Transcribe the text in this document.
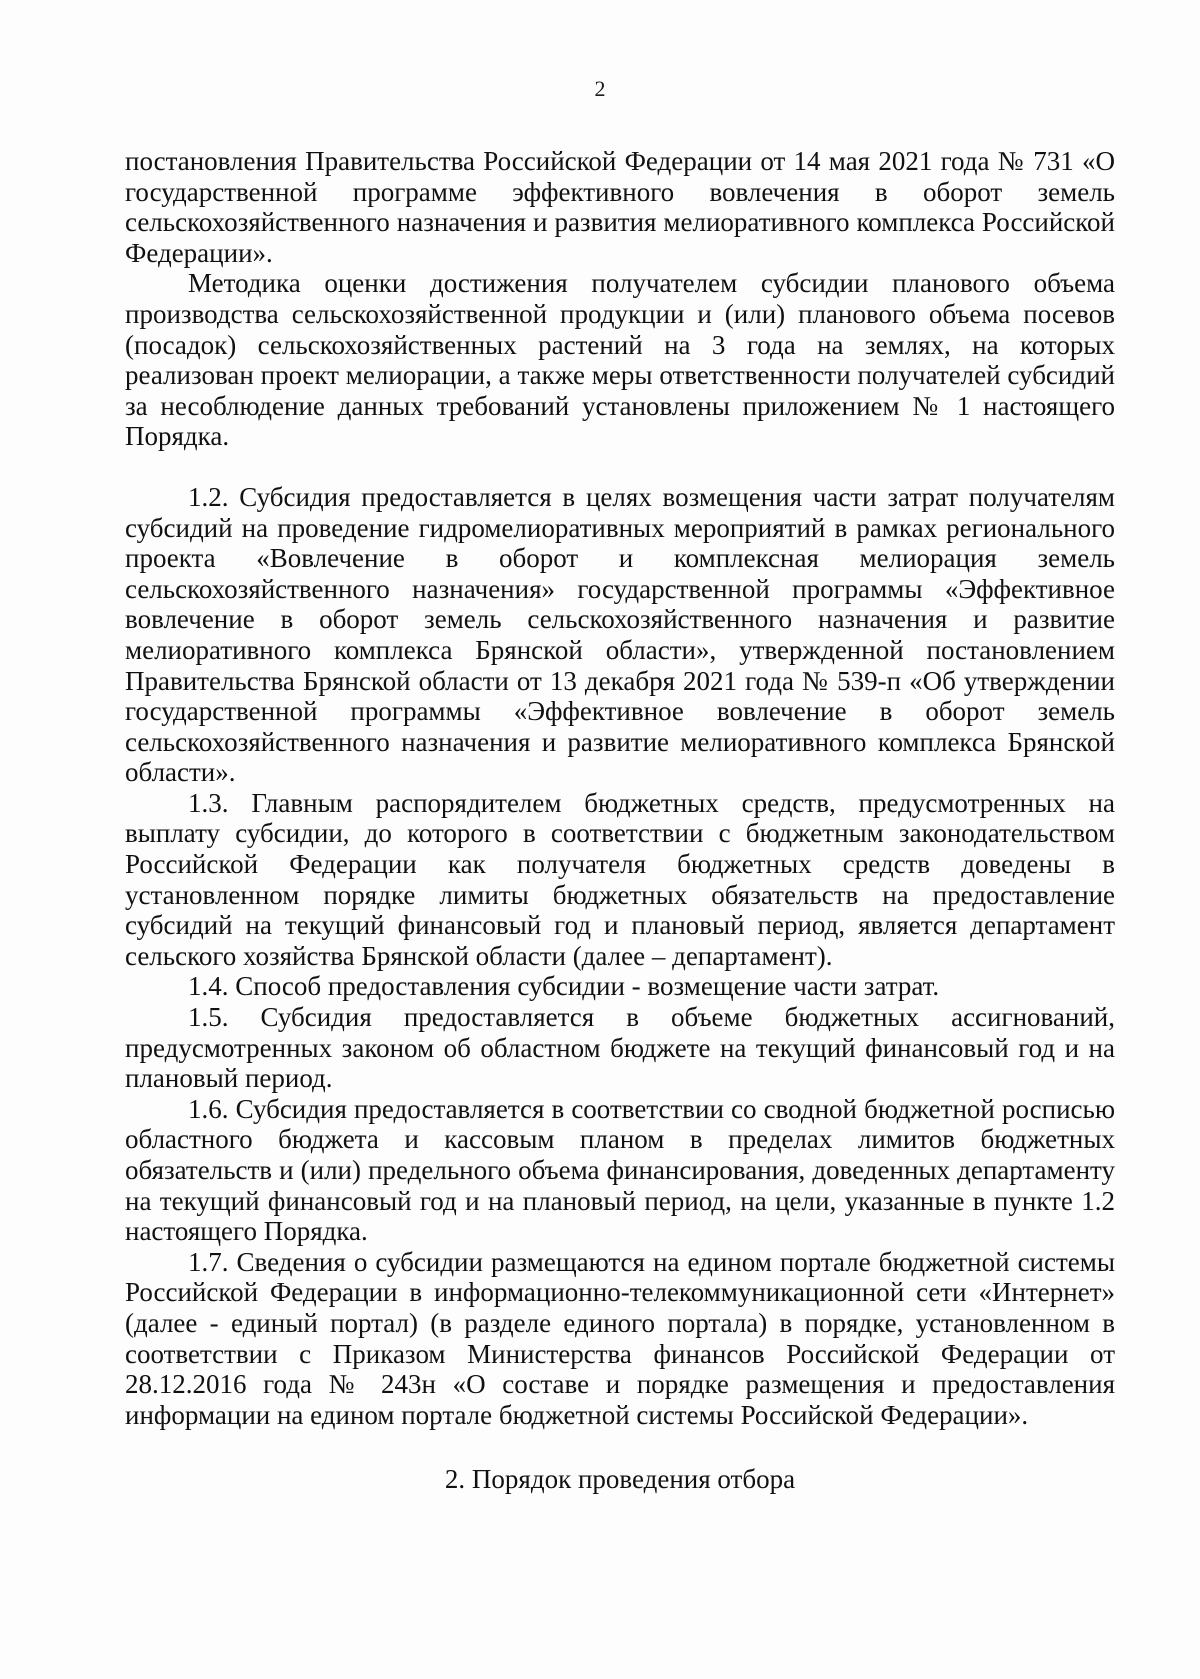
2

постановления Правительства Российской Федерации от 14 мая 2021 года № 731 «О государственной программе эффективного вовлечения в оборот земель сельскохозяйственного назначения и развития мелиоративного комплекса Российской Федерации».

Методика оценки достижения получателем субсидии планового объема производства сельскохозяйственной продукции и (или) планового объема посевов (посадок) сельскохозяйственных растений на 3 года на землях, на которых реализован проект мелиорации, а также меры ответственности получателей субсидий за несоблюдение данных требований установлены приложением № 1 настоящего Порядка.

1.2. Субсидия предоставляется в целях возмещения части затрат получателям субсидий на проведение гидромелиоративных мероприятий в рамках регионального проекта «Вовлечение в оборот и комплексная мелиорация земель сельскохозяйственного назначения» государственной программы «Эффективное вовлечение в оборот земель сельскохозяйственного назначения и развитие мелиоративного комплекса Брянской области», утвержденной постановлением Правительства Брянской области от 13 декабря 2021 года № 539-п «Об утверждении государственной программы «Эффективное вовлечение в оборот земель сельскохозяйственного назначения и развитие мелиоративного комплекса Брянской области».

1.3. Главным распорядителем бюджетных средств, предусмотренных на выплату субсидии, до которого в соответствии с бюджетным законодательством Российской Федерации как получателя бюджетных средств доведены в установленном порядке лимиты бюджетных обязательств на предоставление субсидий на текущий финансовый год и плановый период, является департамент сельского хозяйства Брянской области (далее – департамент).

1.4. Способ предоставления субсидии - возмещение части затрат.

1.5. Субсидия предоставляется в объеме бюджетных ассигнований, предусмотренных законом об областном бюджете на текущий финансовый год и на плановый период.

1.6. Субсидия предоставляется в соответствии со сводной бюджетной росписью областного бюджета и кассовым планом в пределах лимитов бюджетных обязательств и (или) предельного объема финансирования, доведенных департаменту на текущий финансовый год и на плановый период, на цели, указанные в пункте 1.2 настоящего Порядка.

1.7. Сведения о субсидии размещаются на едином портале бюджетной системы Российской Федерации в информационно-телекоммуникационной сети «Интернет» (далее - единый портал) (в разделе единого портала) в порядке, установленном в соответствии с Приказом Министерства финансов Российской Федерации от 28.12.2016 года № 243н «О составе и порядке размещения и предоставления информации на едином портале бюджетной системы Российской Федерации».

2. Порядок проведения отбора
